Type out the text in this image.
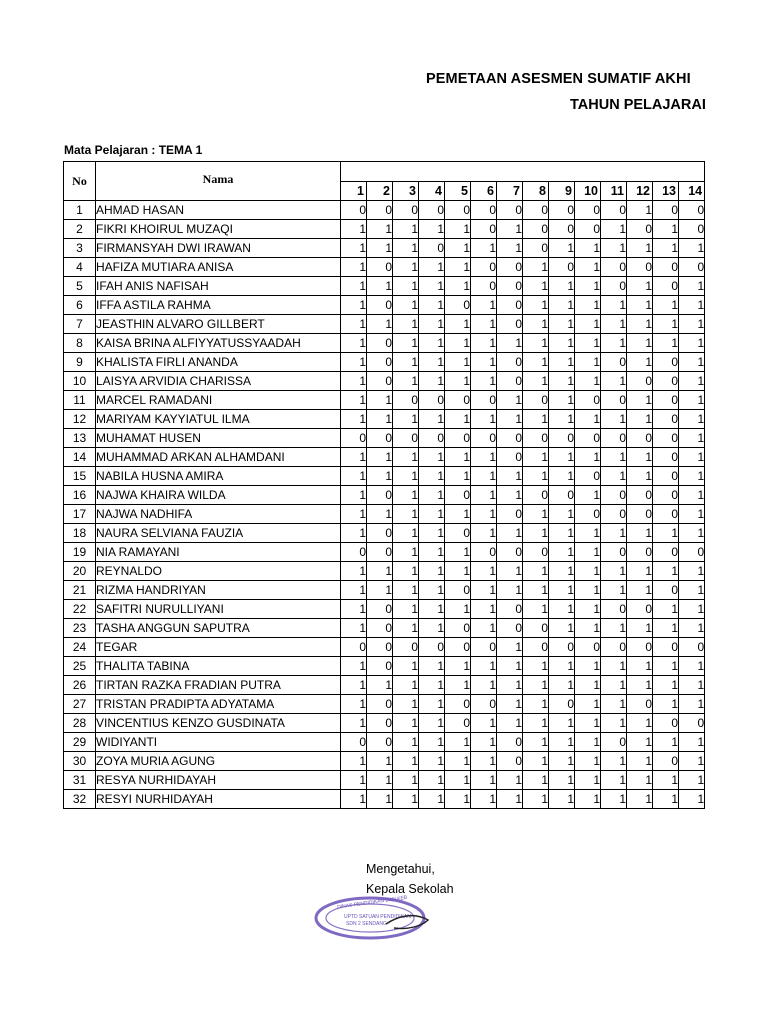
PEMETAAN ASESMEN SUMATIF AKHI
TAHUN PELAJARAI
Mata Pelajaran : TEMA 1
No	Nama														
		1	2	3	4	5	6	7	8	9	10	11	12	13	14
1	AHMAD HASAN	0	0	0	0	0	0	0	0	0	0	0	1	0	0
2	FIKRI KHOIRUL MUZAQI	1	1	1	1	1	0	1	0	0	0	1	0	1	0
3	FIRMANSYAH DWI IRAWAN	1	1	1	0	1	1	1	0	1	1	1	1	1	1
4	HAFIZA MUTIARA ANISA	1	0	1	1	1	0	0	1	0	1	0	0	0	0
5	IFAH ANIS NAFISAH	1	1	1	1	1	0	0	1	1	1	0	1	0	1
6	IFFA ASTILA RAHMA	1	0	1	1	0	1	0	1	1	1	1	1	1	1
7	JEASTHIN ALVARO GILLBERT	1	1	1	1	1	1	0	1	1	1	1	1	1	1
8	KAISA BRINA ALFIYYATUSSYAADAH	1	0	1	1	1	1	1	1	1	1	1	1	1	1
9	KHALISTA FIRLI ANANDA	1	0	1	1	1	1	0	1	1	1	0	1	0	1
10	LAISYA ARVIDIA CHARISSA	1	0	1	1	1	1	0	1	1	1	1	0	0	1
11	MARCEL RAMADANI	1	1	0	0	0	0	1	0	1	0	0	1	0	1
12	MARIYAM KAYYIATUL ILMA	1	1	1	1	1	1	1	1	1	1	1	1	0	1
13	MUHAMAT HUSEN	0	0	0	0	0	0	0	0	0	0	0	0	0	1
14	MUHAMMAD ARKAN ALHAMDANI	1	1	1	1	1	1	0	1	1	1	1	1	0	1
15	NABILA HUSNA AMIRA	1	1	1	1	1	1	1	1	1	0	1	1	0	1
16	NAJWA KHAIRA WILDA	1	0	1	1	0	1	1	0	0	1	0	0	0	1
17	NAJWA NADHIFA	1	1	1	1	1	1	0	1	1	0	0	0	0	1
18	NAURA SELVIANA FAUZIA	1	0	1	1	0	1	1	1	1	1	1	1	1	1
19	NIA RAMAYANI	0	0	1	1	1	0	0	0	1	1	0	0	0	0
20	REYNALDO	1	1	1	1	1	1	1	1	1	1	1	1	1	1
21	RIZMA HANDRIYAN	1	1	1	1	0	1	1	1	1	1	1	1	0	1
22	SAFITRI NURULLIYANI	1	0	1	1	1	1	0	1	1	1	0	0	1	1
23	TASHA ANGGUN SAPUTRA	1	0	1	1	0	1	0	0	1	1	1	1	1	1
24	TEGAR	0	0	0	0	0	0	1	0	0	0	0	0	0	0
25	THALITA TABINA	1	0	1	1	1	1	1	1	1	1	1	1	1	1
26	TIRTAN RAZKA FRADIAN PUTRA	1	1	1	1	1	1	1	1	1	1	1	1	1	1
27	TRISTAN PRADIPTA ADYATAMA	1	0	1	1	0	0	1	1	0	1	1	0	1	1
28	VINCENTIUS KENZO GUSDINATA	1	0	1	1	0	1	1	1	1	1	1	1	0	0
29	WIDIYANTI	0	0	1	1	1	1	0	1	1	1	0	1	1	1
30	ZOYA MURIA AGUNG	1	1	1	1	1	1	0	1	1	1	1	1	0	1
31	RESYA NURHIDAYAH	1	1	1	1	1	1	1	1	1	1	1	1	1	1
32	RESYI NURHIDAYAH	1	1	1	1	1	1	1	1	1	1	1	1	1	1
Mengetahui,
Kepala Sekolah
DINAS PENDIDIKAN DAN KEB
UPTD SATUAN PENDIDIKAN
SDN 2 SENDANG
